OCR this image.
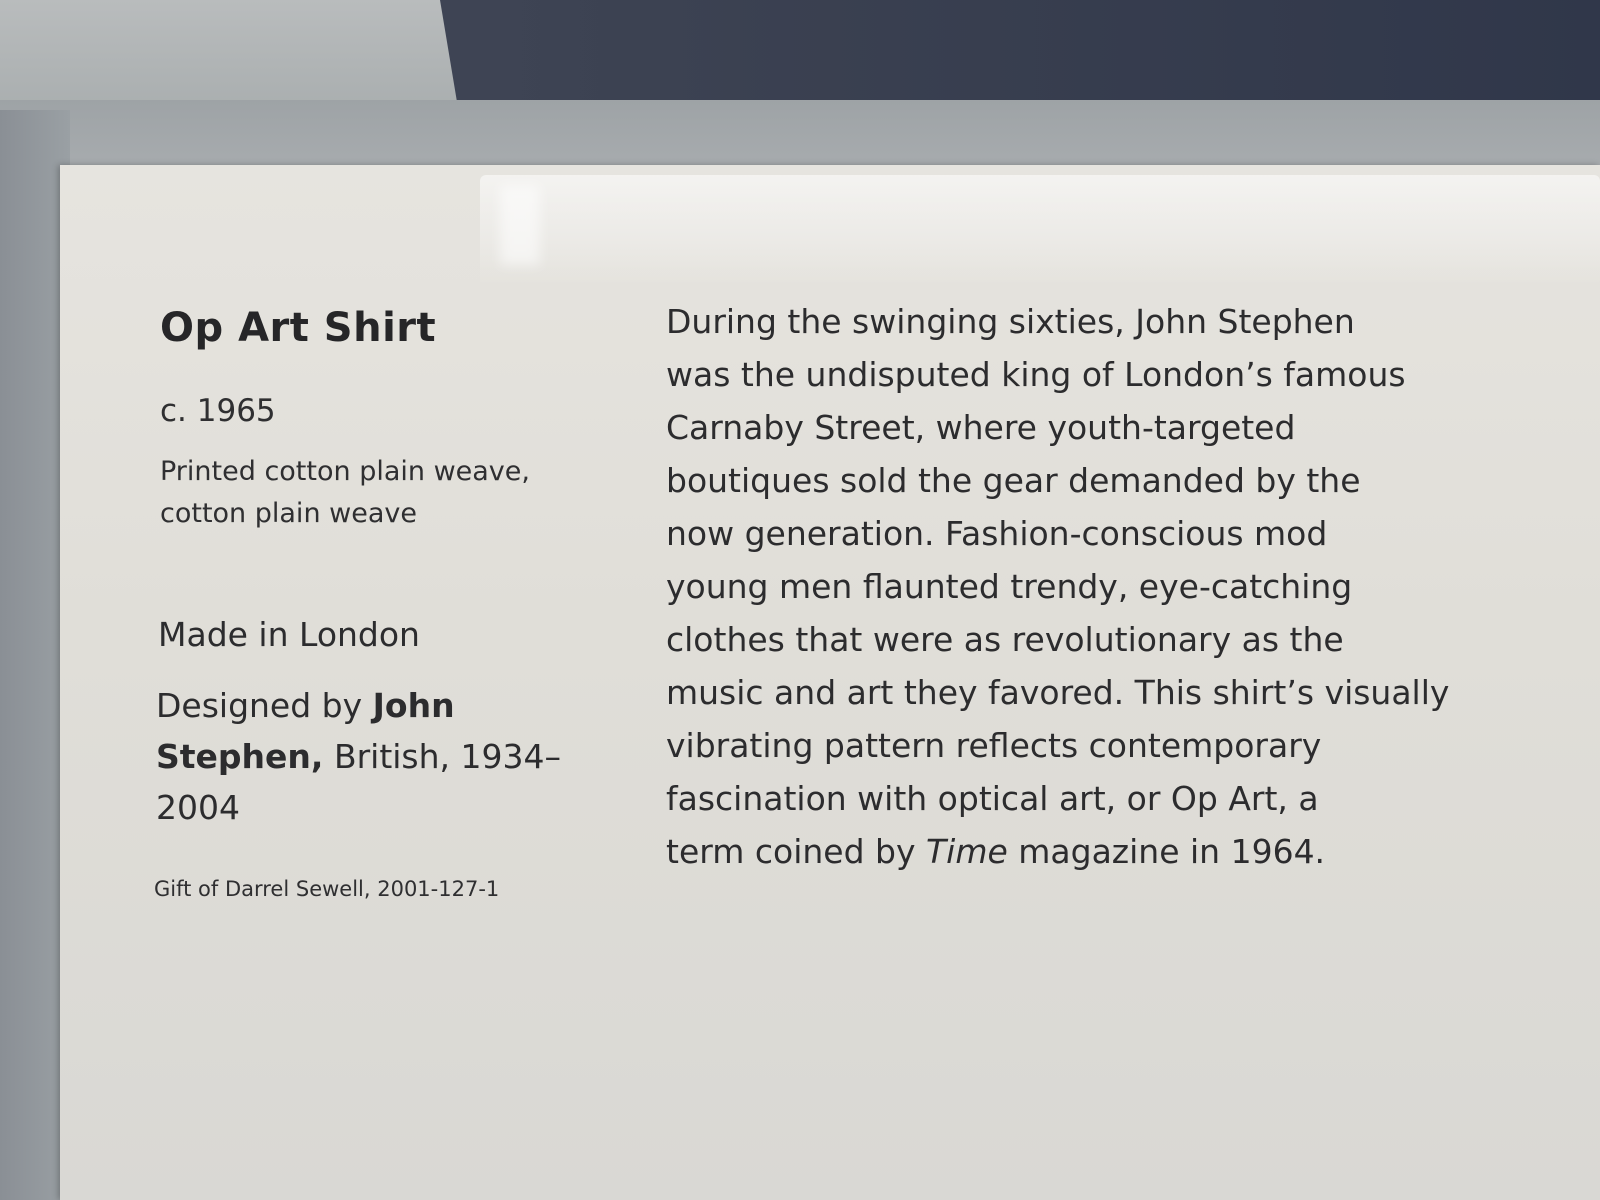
Op Art Shirt

c. 1965

Printed cotton plain weave, cotton plain weave

Made in London

Designed by John Stephen, British, 1934–2004

Gift of Darrel Sewell, 2001-127-1

During the swinging sixties, John Stephen
was the undisputed king of London’s famous
Carnaby Street, where youth-targeted
boutiques sold the gear demanded by the
now generation. Fashion-conscious mod
young men flaunted trendy, eye-catching
clothes that were as revolutionary as the
music and art they favored. This shirt’s visually
vibrating pattern reflects contemporary
fascination with optical art, or Op Art, a
term coined by Time magazine in 1964.
